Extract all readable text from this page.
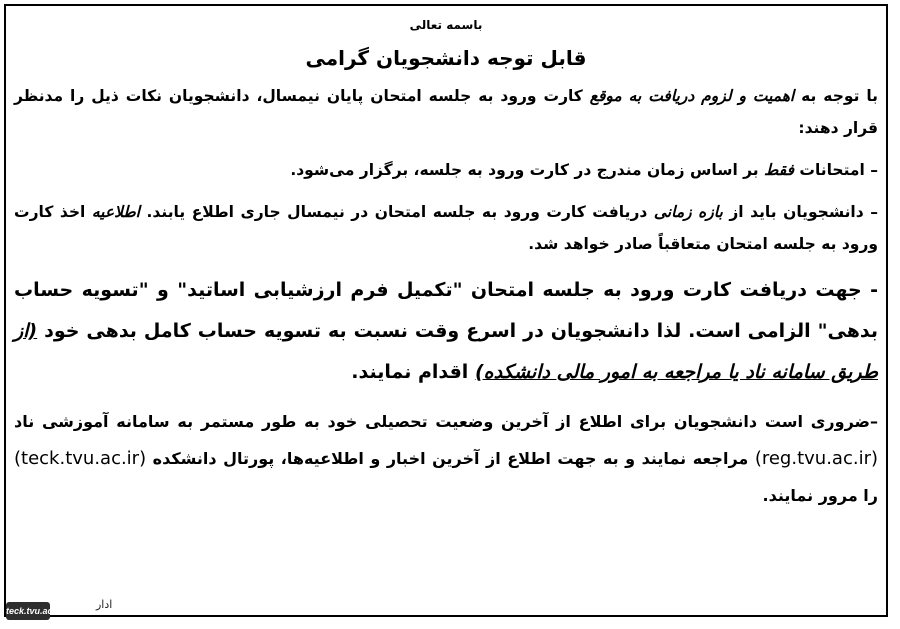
باسمه تعالی
قابل توجه دانشجویان گرامی

با توجه به اهمیت و لزوم دریافت به موقع کارت ورود به جلسه امتحان پایان نیمسال، دانشجویان نکات ذیل را مدنظر قرار دهند:

– امتحانات فقط بر اساس زمان مندرج در کارت ورود به جلسه، برگزار می‌شود.

– دانشجویان باید از بازه زمانی دریافت کارت ورود به جلسه امتحان در نیمسال جاری اطلاع یابند. اطلاعیه اخذ کارت ورود به جلسه امتحان متعاقباً صادر خواهد شد.

- جهت دریافت کارت ورود به جلسه امتحان "تکمیل فرم ارزشیابی اساتید" و "تسویه حساب بدهی" الزامی است. لذا دانشجویان در اسرع وقت نسبت به تسویه حساب کامل بدهی خود (از طریق سامانه ناد یا مراجعه به امور مالی دانشکده) اقدام نمایند.

–ضروری است دانشجویان برای اطلاع از آخرین وضعیت تحصیلی خود به طور مستمر به سامانه آموزشی ناد (reg.tvu.ac.ir) مراجعه نمایند و به جهت اطلاع از آخرین اخبار و اطلاعیه‌ها، پورتال دانشکده (teck.tvu.ac.ir) را مرور نمایند.

ادار
teck.tvu.ac.ir
